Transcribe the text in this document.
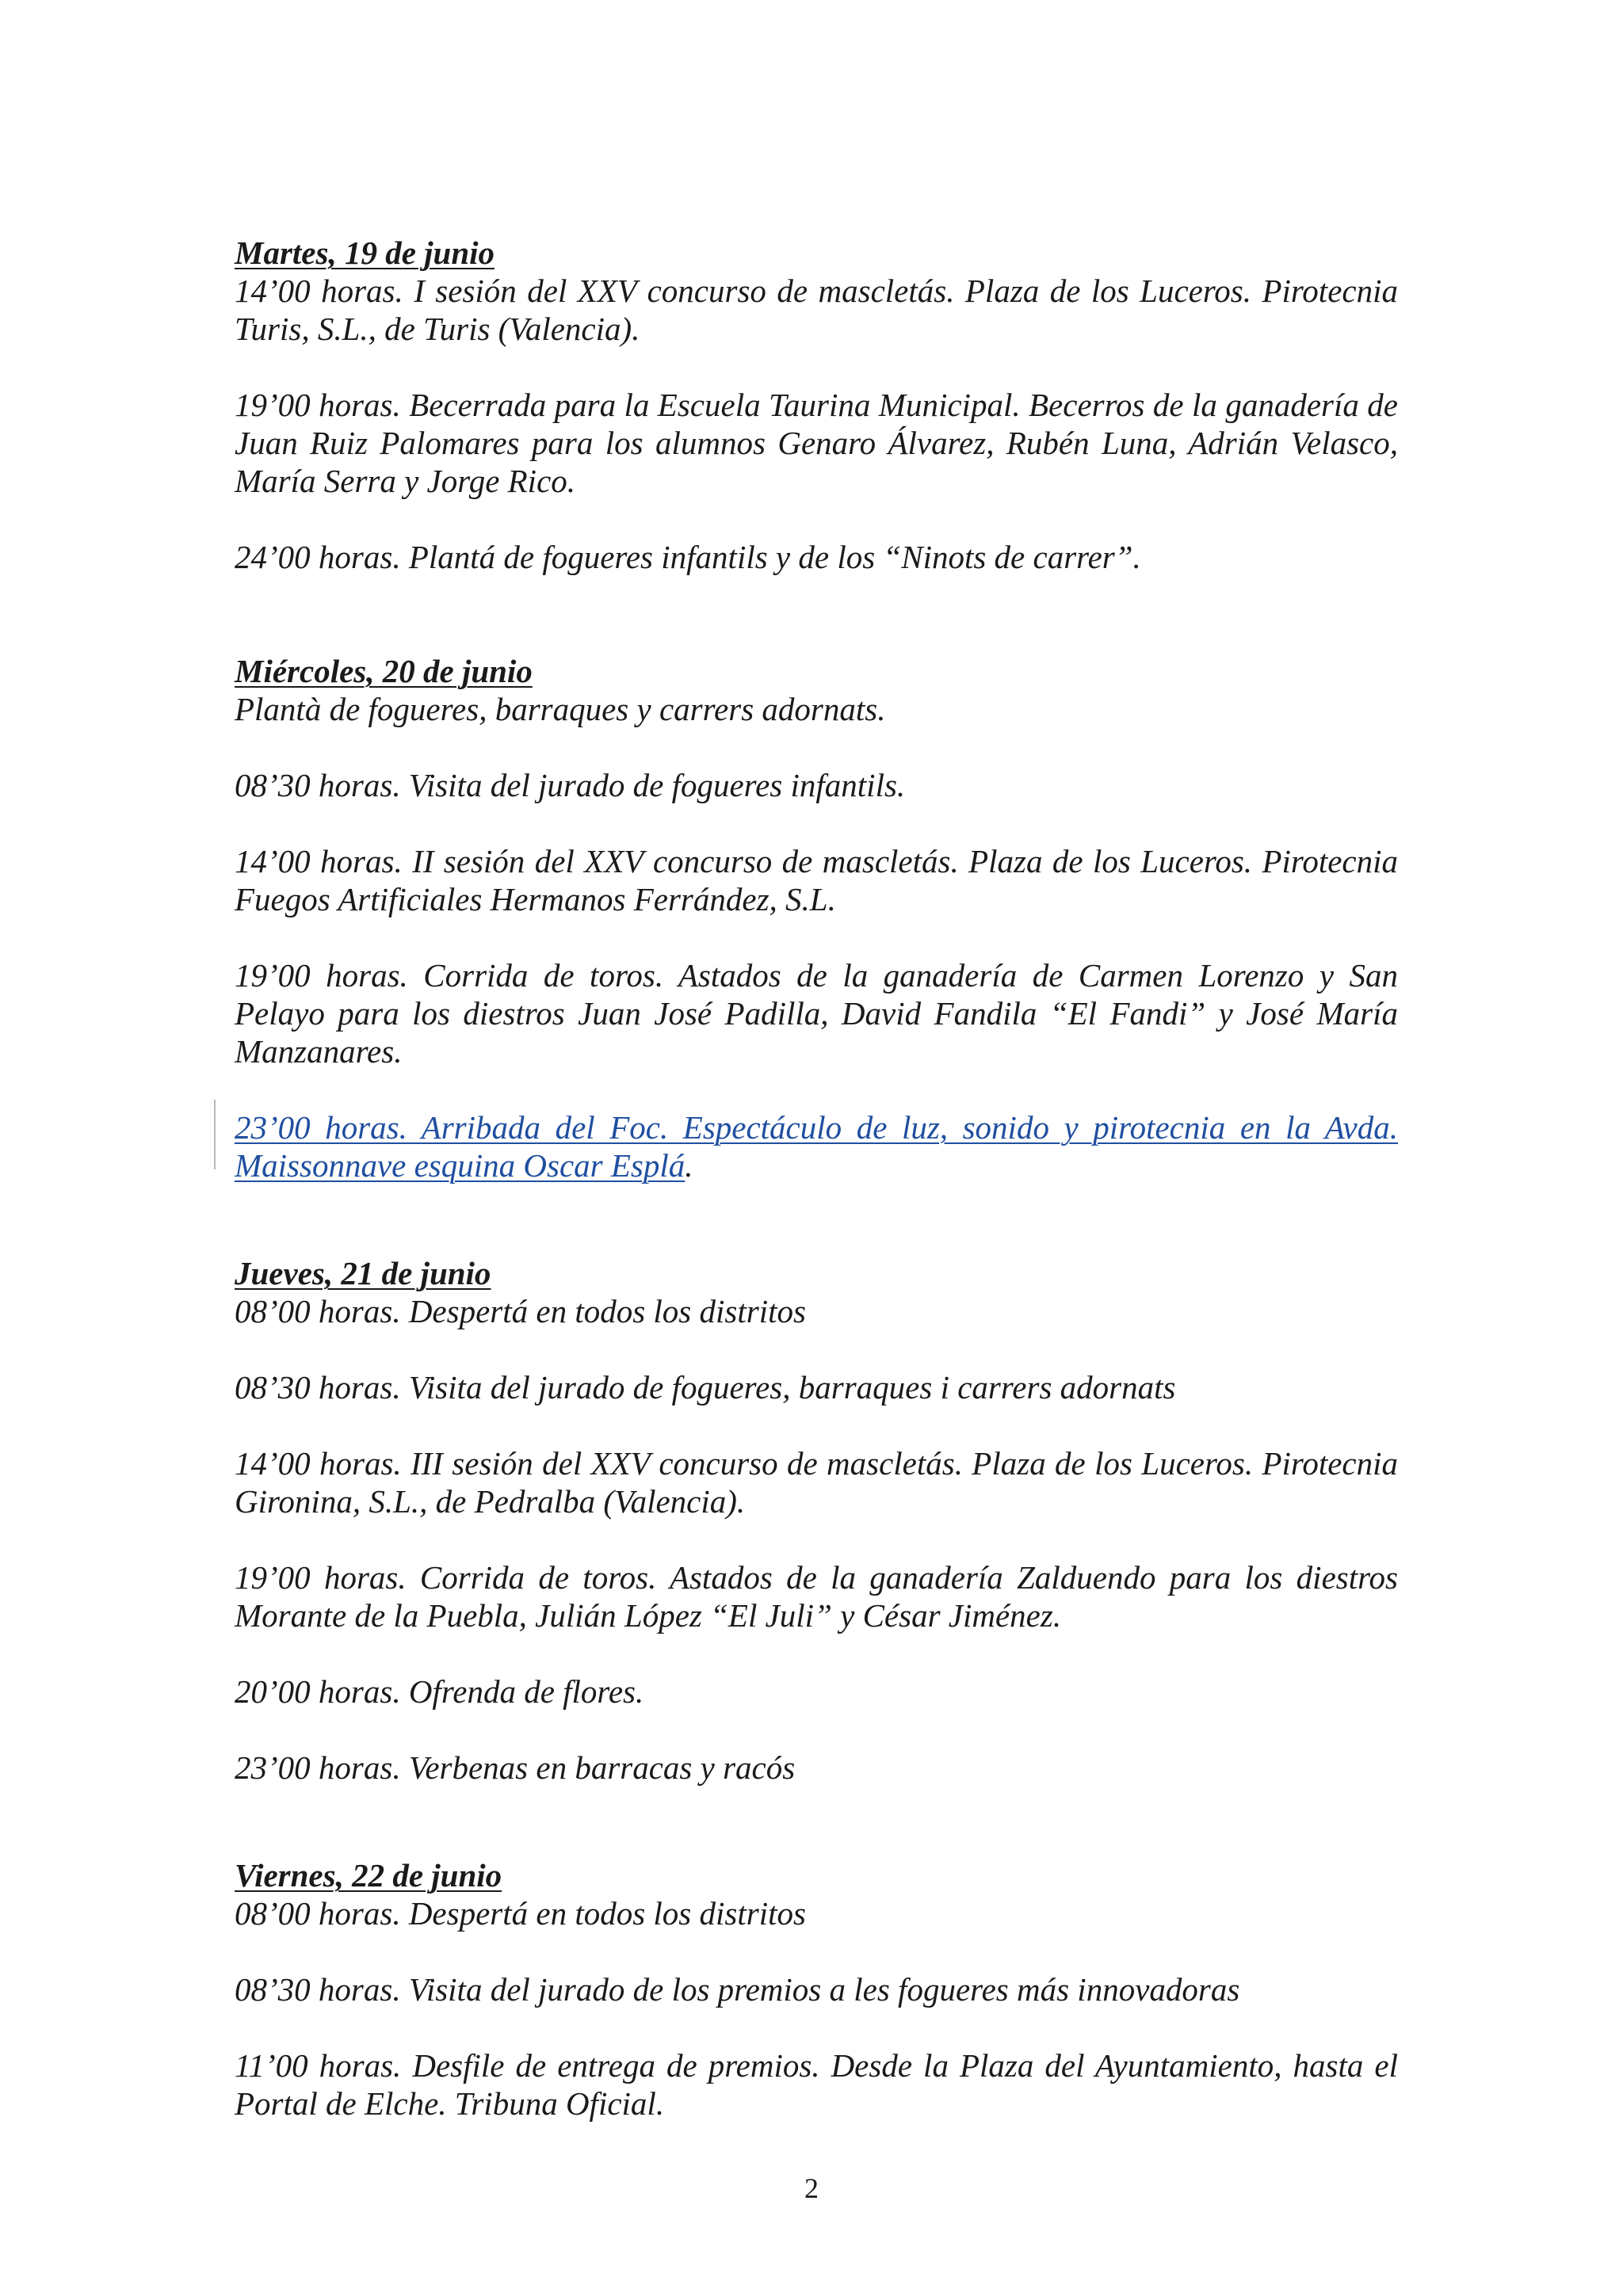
Martes, 19 de junio

14’00 horas. I sesión del XXV concurso de mascletás. Plaza de los Luceros. Pirotecnia Turis, S.L., de Turis (Valencia).

19’00 horas. Becerrada para la Escuela Taurina Municipal. Becerros de la ganadería de Juan Ruiz Palomares para los alumnos Genaro Álvarez, Rubén Luna, Adrián Velasco, María Serra y Jorge Rico.

24’00 horas. Plantá de fogueres infantils y de los “Ninots de carrer”.

Miércoles, 20 de junio

Plantà de fogueres, barraques y carrers adornats.

08’30 horas. Visita del jurado de fogueres infantils.

14’00 horas. II sesión del XXV concurso de mascletás. Plaza de los Luceros. Pirotecnia Fuegos Artificiales Hermanos Ferrández, S.L.

19’00 horas. Corrida de toros. Astados de la ganadería de Carmen Lorenzo y San Pelayo para los diestros Juan José Padilla, David Fandila “El Fandi” y José María Manzanares.

23’00 horas. Arribada del Foc. Espectáculo de luz, sonido y pirotecnia en la Avda. Maissonnave esquina Oscar Esplá.

Jueves, 21 de junio

08’00 horas. Despertá en todos los distritos

08’30 horas. Visita del jurado de fogueres, barraques i carrers adornats

14’00 horas. III sesión del XXV concurso de mascletás. Plaza de los Luceros. Pirotecnia Gironina, S.L., de Pedralba (Valencia).

19’00 horas. Corrida de toros. Astados de la ganadería Zalduendo para los diestros Morante de la Puebla, Julián López “El Juli” y César Jiménez.

20’00 horas. Ofrenda de flores.

23’00 horas. Verbenas en barracas y racós

Viernes, 22 de junio

08’00 horas. Despertá en todos los distritos

08’30 horas. Visita del jurado de los premios a les fogueres más innovadoras

11’00 horas. Desfile de entrega de premios. Desde la Plaza del Ayuntamiento, hasta el Portal de Elche. Tribuna Oficial.

2
